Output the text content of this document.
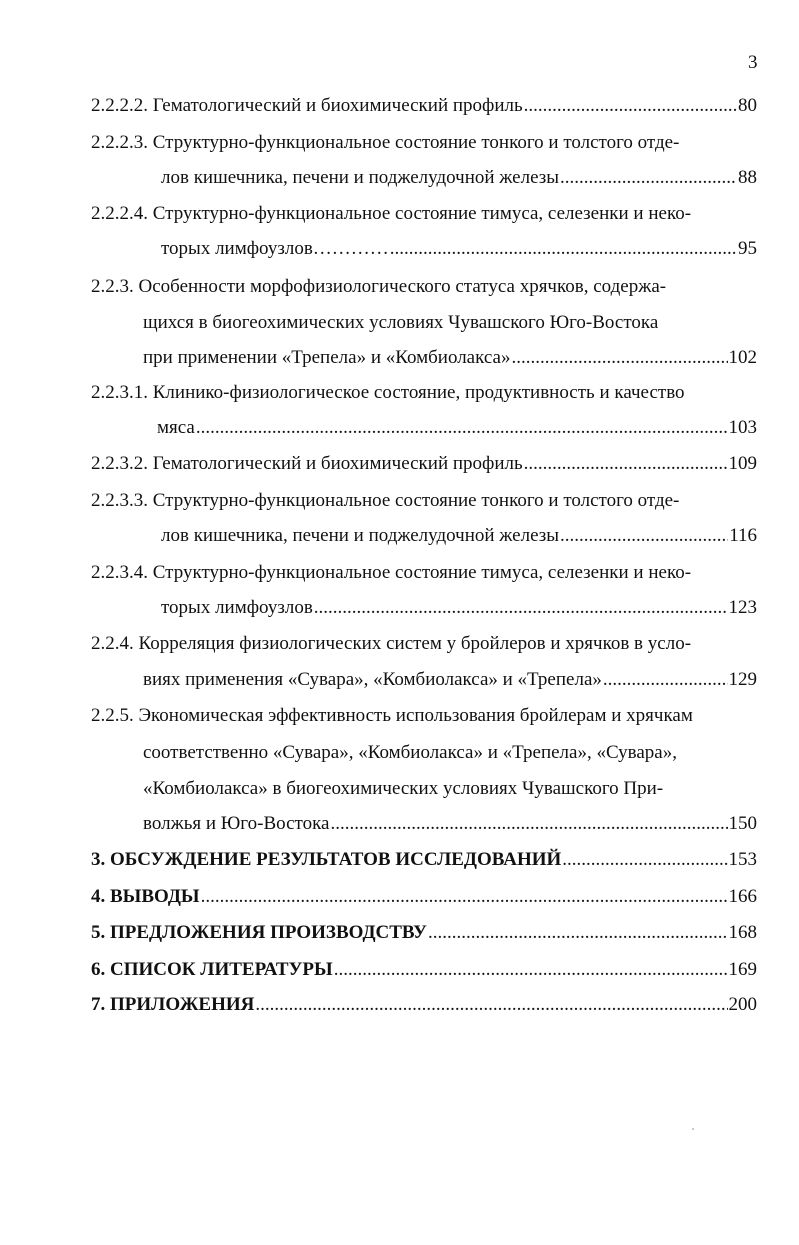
3
2.2.2.2. Гематологический и биохимический профиль .....	80
2.2.2.3. Структурно-функциональное состояние тонкого и толстого отде-
лов кишечника, печени и поджелудочной железы .....	88
2.2.2.4. Структурно-функциональное состояние тимуса, селезенки и неко-
торых лимфоузлов………… .....	95
2.2.3. Особенности морфофизиологического статуса хрячков, содержа-
щихся в биогеохимических условиях Чувашского Юго-Востока
при применении «Трепела» и «Комбиолакса» .....	102
2.2.3.1. Клинико-физиологическое состояние, продуктивность и качество
мяса .....	103
2.2.3.2. Гематологический и биохимический профиль .....	109
2.2.3.3. Структурно-функциональное состояние тонкого и толстого отде-
лов кишечника, печени и поджелудочной железы .....	116
2.2.3.4. Структурно-функциональное состояние тимуса, селезенки и неко-
торых лимфоузлов .....	123
2.2.4. Корреляция физиологических систем у бройлеров и хрячков в усло-
виях применения «Сувара», «Комбиолакса» и «Трепела» .....	129
2.2.5. Экономическая эффективность использования бройлерам и хрячкам
соответственно «Сувара», «Комбиолакса» и «Трепела», «Сувара»,
«Комбиолакса» в биогеохимических условиях Чувашского При-
волжья и Юго-Востока .....	150
3. ОБСУЖДЕНИЕ РЕЗУЛЬТАТОВ ИССЛЕДОВАНИЙ .....	153
4. ВЫВОДЫ .....	166
5. ПРЕДЛОЖЕНИЯ ПРОИЗВОДСТВУ .....	168
6. СПИСОК ЛИТЕРАТУРЫ .....	169
7. ПРИЛОЖЕНИЯ .....	200
